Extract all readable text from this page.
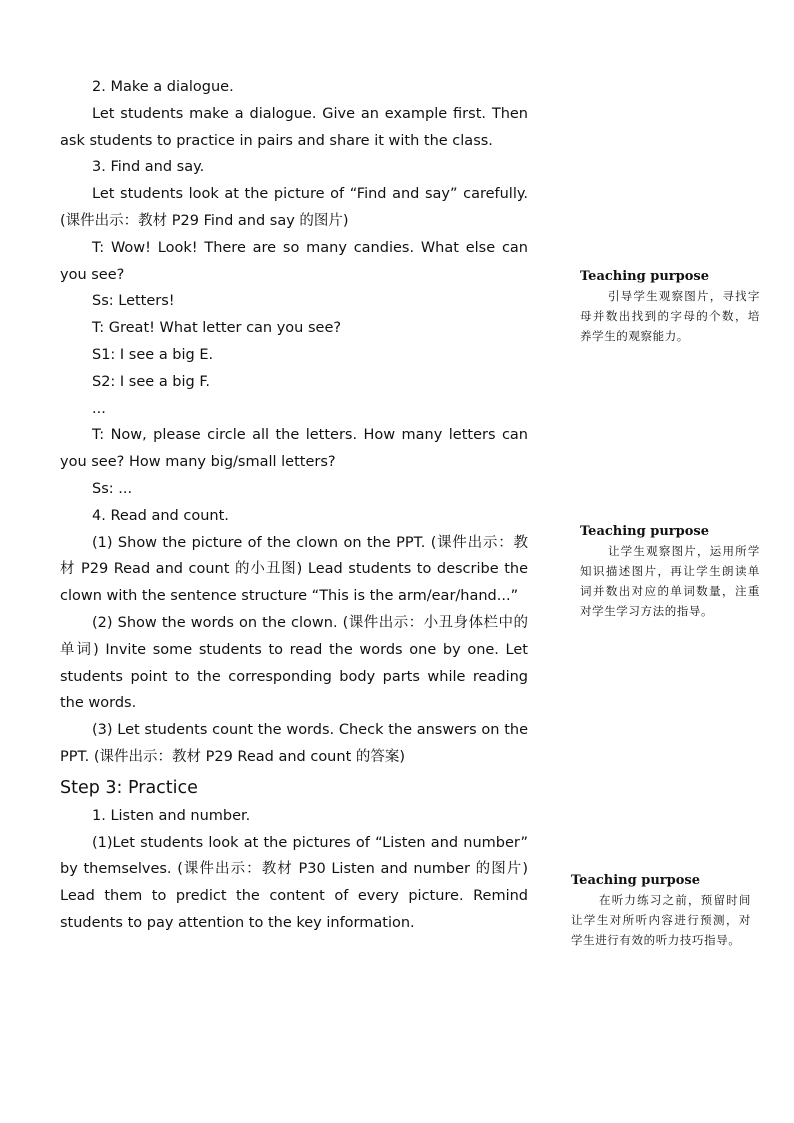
2. Make a dialogue.

Let students make a dialogue. Give an example first. Then ask students to practice in pairs and share it with the class.

3. Find and say.

Let students look at the picture of “Find and say” carefully. (课件出示：教材 P29 Find and say 的图片)

T: Wow! Look! There are so many candies. What else can you see?

Ss: Letters!

T: Great! What letter can you see?

S1: I see a big E.

S2: I see a big F.

...

T: Now, please circle all the letters. How many letters can you see? How many big/small letters?

Ss: ...

4. Read and count.

(1) Show the picture of the clown on the PPT. (课件出示：教材 P29 Read and count 的小丑图) Lead students to describe the clown with the sentence structure “This is the arm/ear/hand...”

(2) Show the words on the clown. (课件出示：小丑身体栏中的单词) Invite some students to read the words one by one. Let students point to the corresponding body parts while reading the words.

(3) Let students count the words. Check the answers on the PPT. (课件出示：教材 P29 Read and count 的答案)

Step 3: Practice

1. Listen and number.

(1)Let students look at the pictures of “Listen and number” by themselves. (课件出示：教材 P30 Listen and number 的图片) Lead them to predict the content of every picture. Remind students to pay attention to the key information.

Teaching purpose
引导学生观察图片，寻找字母并数出找到的字母的个数，培养学生的观察能力。
Teaching purpose
让学生观察图片，运用所学知识描述图片，再让学生朗读单词并数出对应的单词数量，注重对学生学习方法的指导。
Teaching purpose
在听力练习之前，预留时间让学生对所听内容进行预测，对学生进行有效的听力技巧指导。
